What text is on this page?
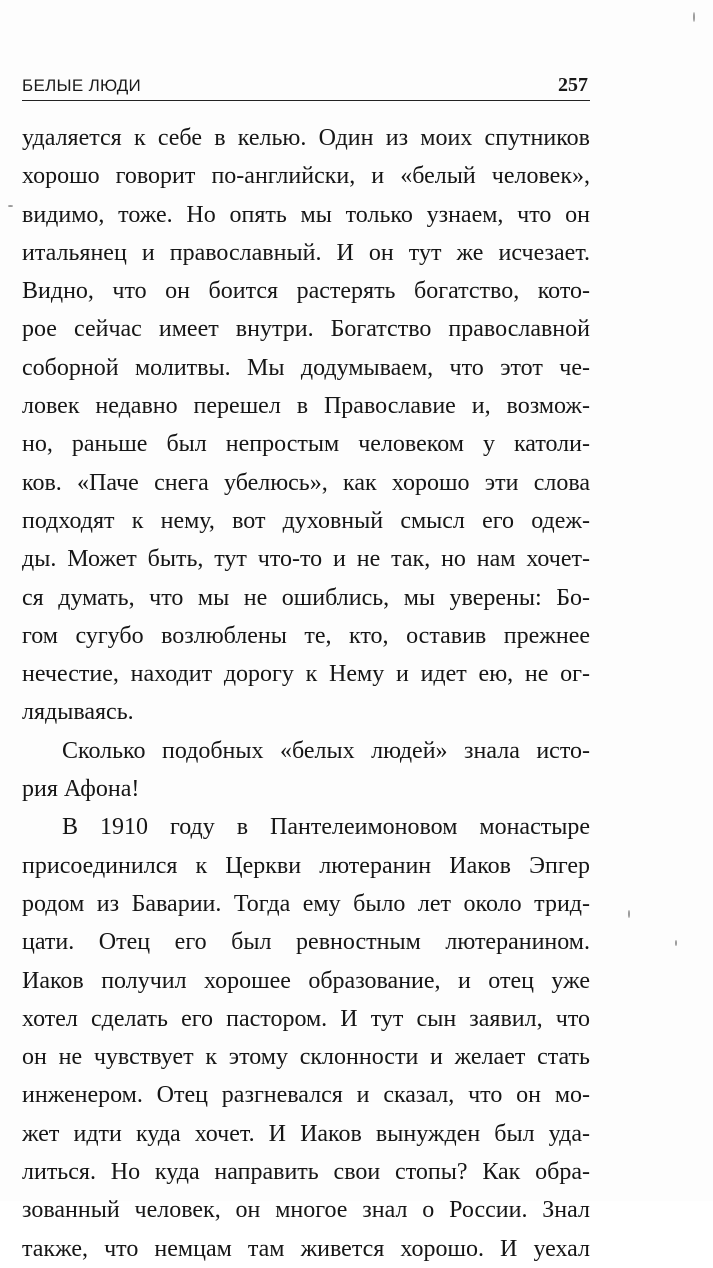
БЕЛЫЕ ЛЮДИ	257
удаляется к себе в келью. Один из моих спутников
хорошо говорит по-английски, и «белый человек»,
видимо, тоже. Но опять мы только узнаем, что он
итальянец и православный. И он тут же исчезает.
Видно, что он боится растерять богатство, кото-
рое сейчас имеет внутри. Богатство православной
соборной молитвы. Мы додумываем, что этот че-
ловек недавно перешел в Православие и, возмож-
но, раньше был непростым человеком у католи-
ков. «Паче снега убелюсь», как хорошо эти слова
подходят к нему, вот духовный смысл его одеж-
ды. Может быть, тут что-то и не так, но нам хочет-
ся думать, что мы не ошиблись, мы уверены: Бо-
гом сугубо возлюблены те, кто, оставив прежнее
нечестие, находит дорогу к Нему и идет ею, не ог-
лядываясь.
Сколько подобных «белых людей» знала исто-
рия Афона!
В 1910 году в Пантелеимоновом монастыре
присоединился к Церкви лютеранин Иаков Эпгер
родом из Баварии. Тогда ему было лет около трид-
цати. Отец его был ревностным лютеранином.
Иаков получил хорошее образование, и отец уже
хотел сделать его пастором. И тут сын заявил, что
он не чувствует к этому склонности и желает стать
инженером. Отец разгневался и сказал, что он мо-
жет идти куда хочет. И Иаков вынужден был уда-
литься. Но куда направить свои стопы? Как обра-
зованный человек, он многое знал о России. Знал
также, что немцам там живется хорошо. И уехал
